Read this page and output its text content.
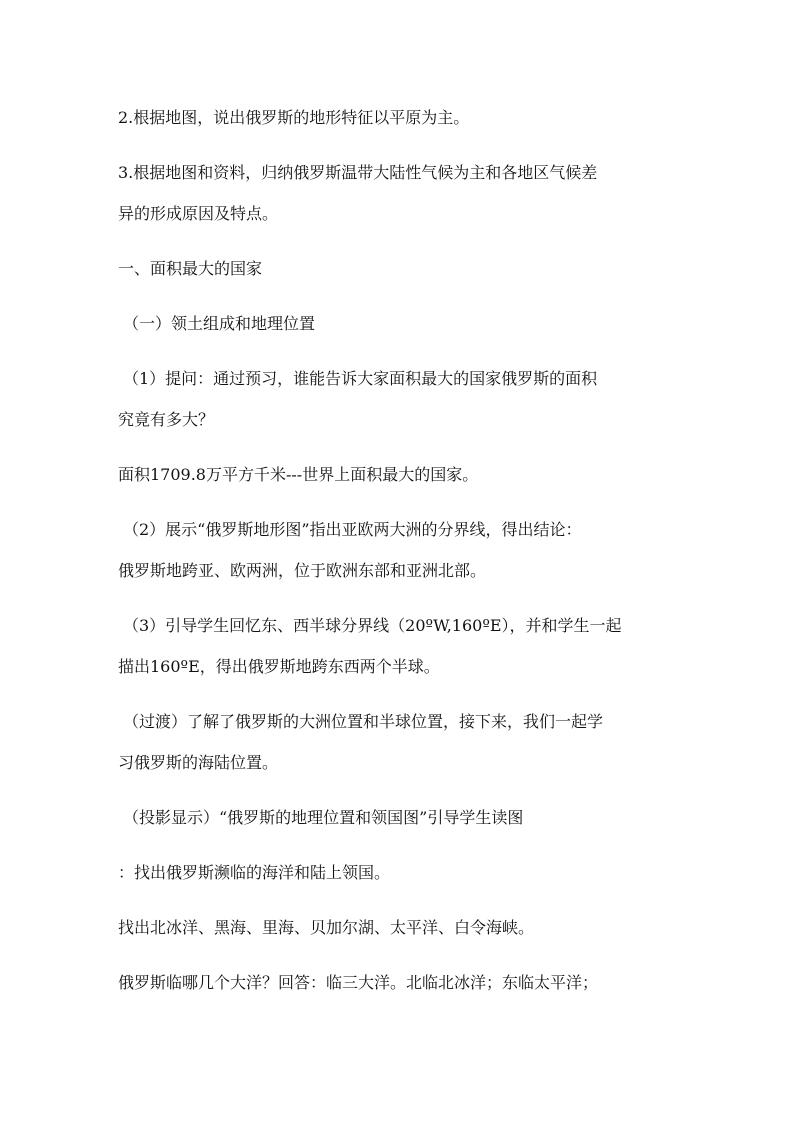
2.根据地图，说出俄罗斯的地形特征以平原为主。
3.根据地图和资料，归纳俄罗斯温带大陆性气候为主和各地区气候差
异的形成原因及特点。
一、面积最大的国家
（一）领土组成和地理位置
（1）提问：通过预习，谁能告诉大家面积最大的国家俄罗斯的面积
究竟有多大？
面积1709.8万平方千米---世界上面积最大的国家。
（2）展示“俄罗斯地形图”指出亚欧两大洲的分界线，得出结论：
俄罗斯地跨亚、欧两洲，位于欧洲东部和亚洲北部。
（3）引导学生回忆东、西半球分界线（20ºW,160ºE），并和学生一起
描出160ºE，得出俄罗斯地跨东西两个半球。
（过渡）了解了俄罗斯的大洲位置和半球位置，接下来，我们一起学
习俄罗斯的海陆位置。
（投影显示）“俄罗斯的地理位置和领国图”引导学生读图
：找出俄罗斯濒临的海洋和陆上领国。
找出北冰洋、黑海、里海、贝加尔湖、太平洋、白令海峡。
俄罗斯临哪几个大洋？回答：临三大洋。北临北冰洋；东临太平洋；
